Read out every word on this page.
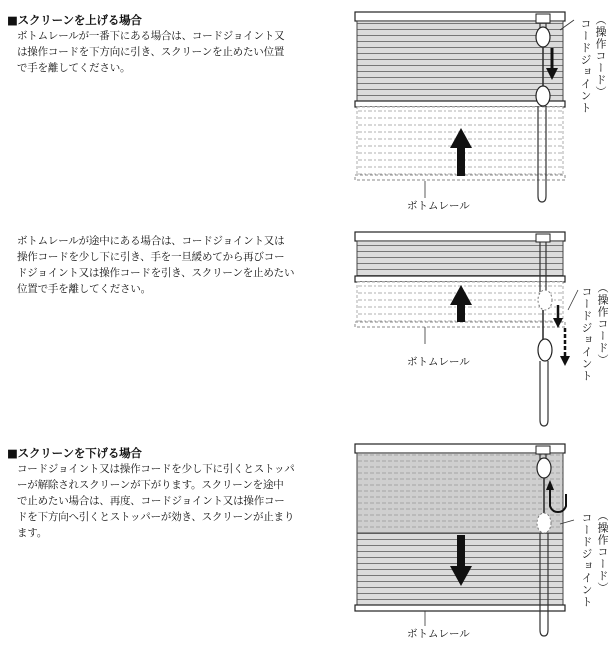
■スクリーンを上げる場合
ボトムレールが一番下にある場合は、コードジョイント又
は操作コードを下方向に引き、スクリーンを止めたい位置
で手を離してください。
ボトムレールが途中にある場合は、コードジョイント又は
操作コードを少し下に引き、手を一旦緩めてから再びコー
ドジョイント又は操作コードを引き、スクリーンを止めたい
位置で手を離してください。
■スクリーンを下げる場合
コードジョイント又は操作コードを少し下に引くとストッパ
ーが解除されスクリーンが下がります。スクリーンを途中
で止めたい場合は、再度、コードジョイント又は操作コー
ドを下方向へ引くとストッパーが効き、スクリーンが止まり
ます。
（操作コード）
コードジョイント
ボトムレール
（操作コード）
コードジョイント
ボトムレール
（操作コード）
コードジョイント
ボトムレール
